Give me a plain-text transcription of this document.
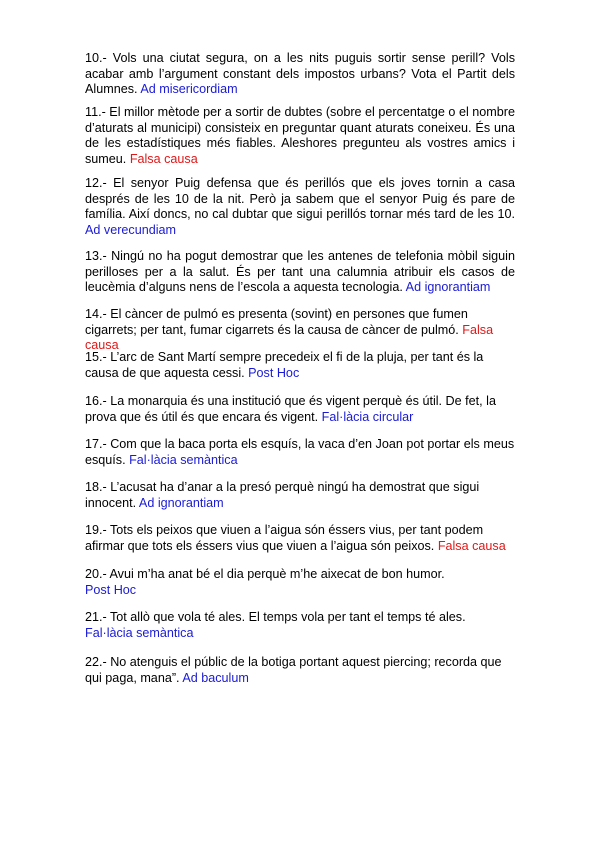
10.- Vols una ciutat segura, on a les nits puguis sortir sense perill? Vols acabar amb l’argument constant dels impostos urbans? Vota el Partit dels Alumnes. Ad misericordiam

11.- El millor mètode per a sortir de dubtes (sobre el percentatge o el nombre d’aturats al municipi) consisteix en preguntar quant aturats coneixeu. És una de les estadístiques més fiables. Aleshores pregunteu als vostres amics i sumeu. Falsa causa

12.- El senyor Puig defensa que és perillós que els joves tornin a casa després de les 10 de la nit. Però ja sabem que el senyor Puig és pare de família. Així doncs, no cal dubtar que sigui perillós tornar més tard de les 10. Ad verecundiam

13.- Ningú no ha pogut demostrar que les antenes de telefonia mòbil siguin perilloses per a la salut. És per tant una calumnia atribuir els casos de leucèmia d’alguns nens de l’escola a aquesta tecnologia. Ad ignorantiam

14.- El càncer de pulmó es presenta (sovint) en persones que fumen cigarrets; per tant, fumar cigarrets és la causa de càncer de pulmó. Falsa causa

15.- L’arc de Sant Martí sempre precedeix el fi de la pluja, per tant és la causa de que aquesta cessi. Post Hoc

16.- La monarquia és una institució que és vigent perquè és útil. De fet, la prova que és útil és que encara és vigent. Fal·làcia circular

17.- Com que la baca porta els esquís, la vaca d’en Joan pot portar els meus esquís. Fal·làcia semàntica

18.- L’acusat ha d’anar a la presó perquè ningú ha demostrat que sigui innocent. Ad ignorantiam

19.- Tots els peixos que viuen a l’aigua són éssers vius, per tant podem afirmar que tots els éssers vius que viuen a l’aigua són peixos. Falsa causa

20.- Avui m’ha anat bé el dia perquè m’he aixecat de bon humor.
Post Hoc

21.- Tot allò que vola té ales. El temps vola per tant el temps té ales.
Fal·làcia semàntica

22.- No atenguis el públic de la botiga portant aquest piercing; recorda que qui paga, mana”. Ad baculum
